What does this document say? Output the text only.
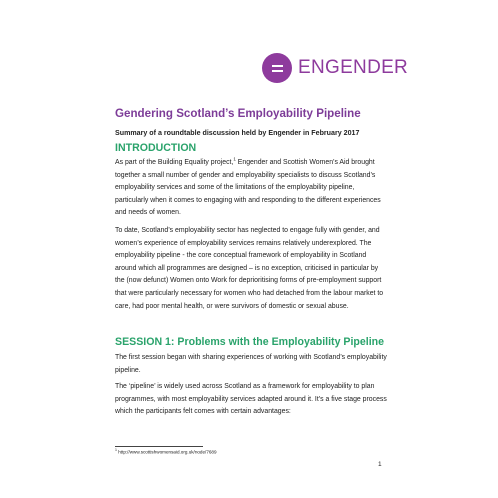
ENGENDER
Gendering Scotland’s Employability Pipeline
Summary of a roundtable discussion held by Engender in February 2017
INTRODUCTION
As part of the Building Equality project,$^1$ Engender and Scottish Women’s Aid brought together a small number of gender and employability specialists to discuss Scotland’s employability services and some of the limitations of the employability pipeline, particularly when it comes to engaging with and responding to the different experiences and needs of women.
To date, Scotland’s employability sector has neglected to engage fully with gender, and women’s experience of employability services remains relatively underexplored. The employability pipeline - the core conceptual framework of employability in Scotland around which all programmes are designed – is no exception, criticised in particular by the (now defunct) Women onto Work for deprioritising forms of pre-employment support that were particularly necessary for women who had detached from the labour market to care, had poor mental health, or were survivors of domestic or sexual abuse.
SESSION 1: Problems with the Employability Pipeline
The first session began with sharing experiences of working with Scotland’s employability pipeline.
The ‘pipeline’ is widely used across Scotland as a framework for employability to plan programmes, with most employability services adapted around it. It’s a five stage process which the participants felt comes with certain advantages:
$^1$ http://www.scottishwomensaid.org.uk/node/7689
1
